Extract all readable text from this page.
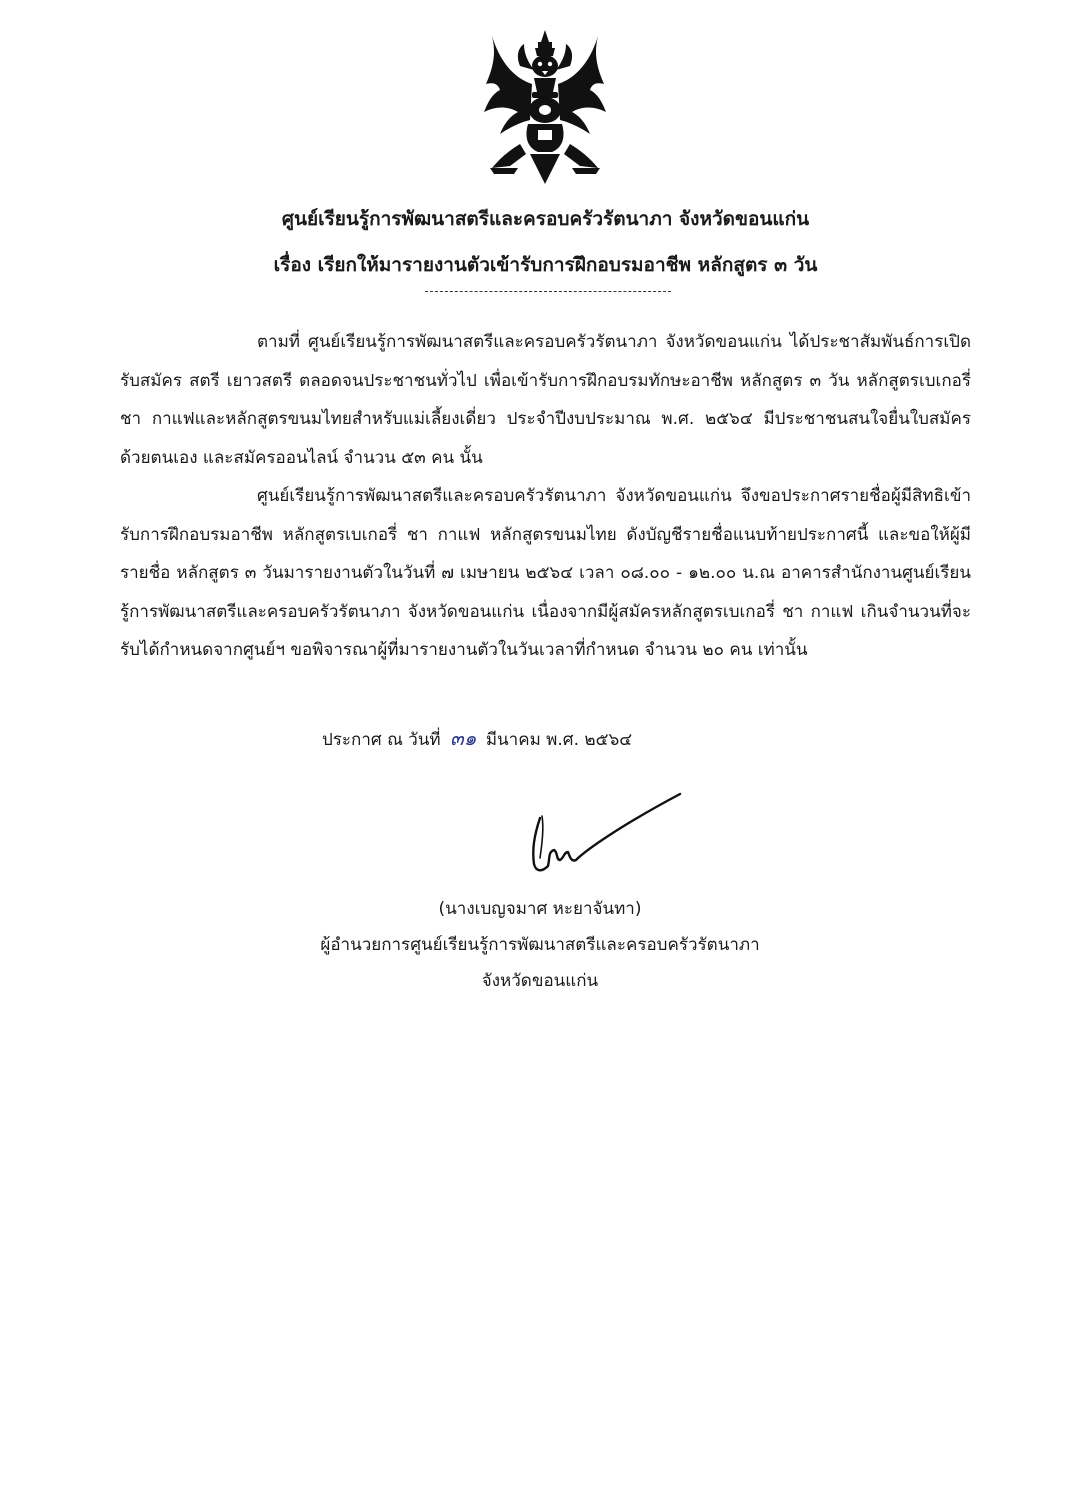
ศูนย์เรียนรู้การพัฒนาสตรีและครอบครัวรัตนาภา จังหวัดขอนแก่น
เรื่อง เรียกให้มารายงานตัวเข้ารับการฝึกอบรมอาชีพ หลักสูตร ๓ วัน
ตามที่ ศูนย์เรียนรู้การพัฒนาสตรีและครอบครัวรัตนาภา จังหวัดขอนแก่น ได้ประชาสัมพันธ์การเปิดรับสมัคร สตรี เยาวสตรี ตลอดจนประชาชนทั่วไป เพื่อเข้ารับการฝึกอบรมทักษะอาชีพ หลักสูตร ๓ วัน หลักสูตรเบเกอรี่ ชา กาแฟและหลักสูตรขนมไทยสำหรับแม่เลี้ยงเดี่ยว ประจำปีงบประมาณ พ.ศ. ๒๕๖๔ มีประชาชนสนใจยื่นใบสมัคร ด้วยตนเอง และสมัครออนไลน์ จำนวน ๕๓ คน นั้น
ศูนย์เรียนรู้การพัฒนาสตรีและครอบครัวรัตนาภา จังหวัดขอนแก่น จึงขอประกาศรายชื่อผู้มีสิทธิเข้ารับการฝึกอบรมอาชีพ หลักสูตรเบเกอรี่ ชา กาแฟ หลักสูตรขนมไทย ดังบัญชีรายชื่อแนบท้ายประกาศนี้ และขอให้ผู้มีรายชื่อ หลักสูตร ๓ วันมารายงานตัวในวันที่ ๗ เมษายน ๒๕๖๔ เวลา ๐๘.๐๐ - ๑๒.๐๐ น.ณ อาคารสำนักงานศูนย์เรียนรู้การพัฒนาสตรีและครอบครัวรัตนาภา จังหวัดขอนแก่น เนื่องจากมีผู้สมัครหลักสูตรเบเกอรี่ ชา กาแฟ เกินจำนวนที่จะรับได้กำหนดจากศูนย์ฯ ขอพิจารณาผู้ที่มารายงานตัวในวันเวลาที่กำหนด จำนวน ๒๐ คน เท่านั้น
ประกาศ ณ วันที่ ๓๑ มีนาคม พ.ศ. ๒๕๖๔
(นางเบญจมาศ หะยาจันทา)
ผู้อำนวยการศูนย์เรียนรู้การพัฒนาสตรีและครอบครัวรัตนาภา
จังหวัดขอนแก่น
